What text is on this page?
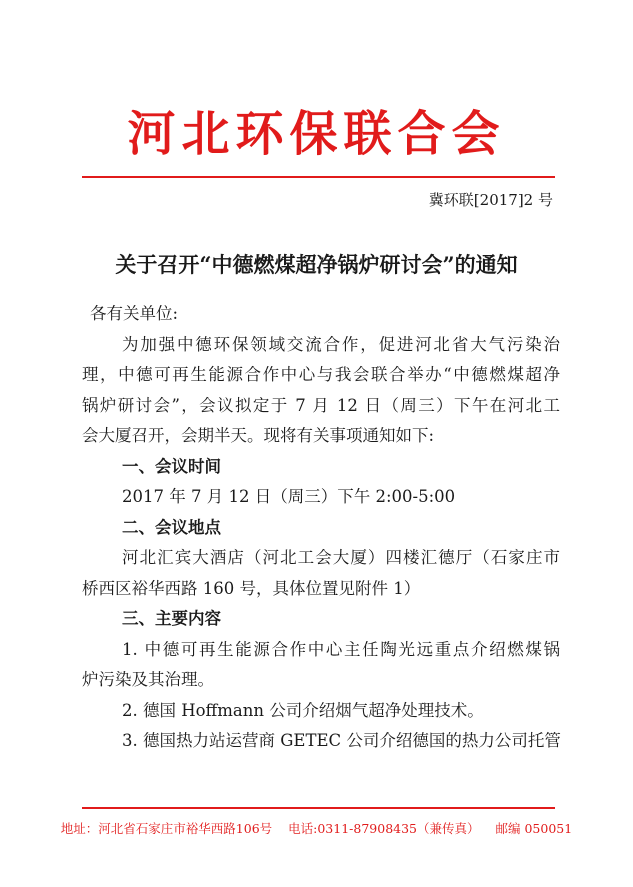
河北环保联合会
冀环联[2017]2 号
关于召开“中德燃煤超净锅炉研讨会”的通知
各有关单位:
为加强中德环保领域交流合作，促进河北省大气污染治
理，中德可再生能源合作中心与我会联合举办“中德燃煤超净
锅炉研讨会”，会议拟定于 7 月 12 日（周三）下午在河北工
会大厦召开，会期半天。现将有关事项通知如下:
一、会议时间
2017 年 7 月 12 日（周三）下午 2:00-5:00
二、会议地点
河北汇宾大酒店（河北工会大厦）四楼汇德厅（石家庄市
桥西区裕华西路 160 号，具体位置见附件 1）
三、主要内容
1. 中德可再生能源合作中心主任陶光远重点介绍燃煤锅
炉污染及其治理。
2. 德国 Hoffmann 公司介绍烟气超净处理技术。
3. 德国热力站运营商 GETEC 公司介绍德国的热力公司托管
地址：河北省石家庄市裕华西路106号 电话:0311-87908435（兼传真） 邮编 050051
